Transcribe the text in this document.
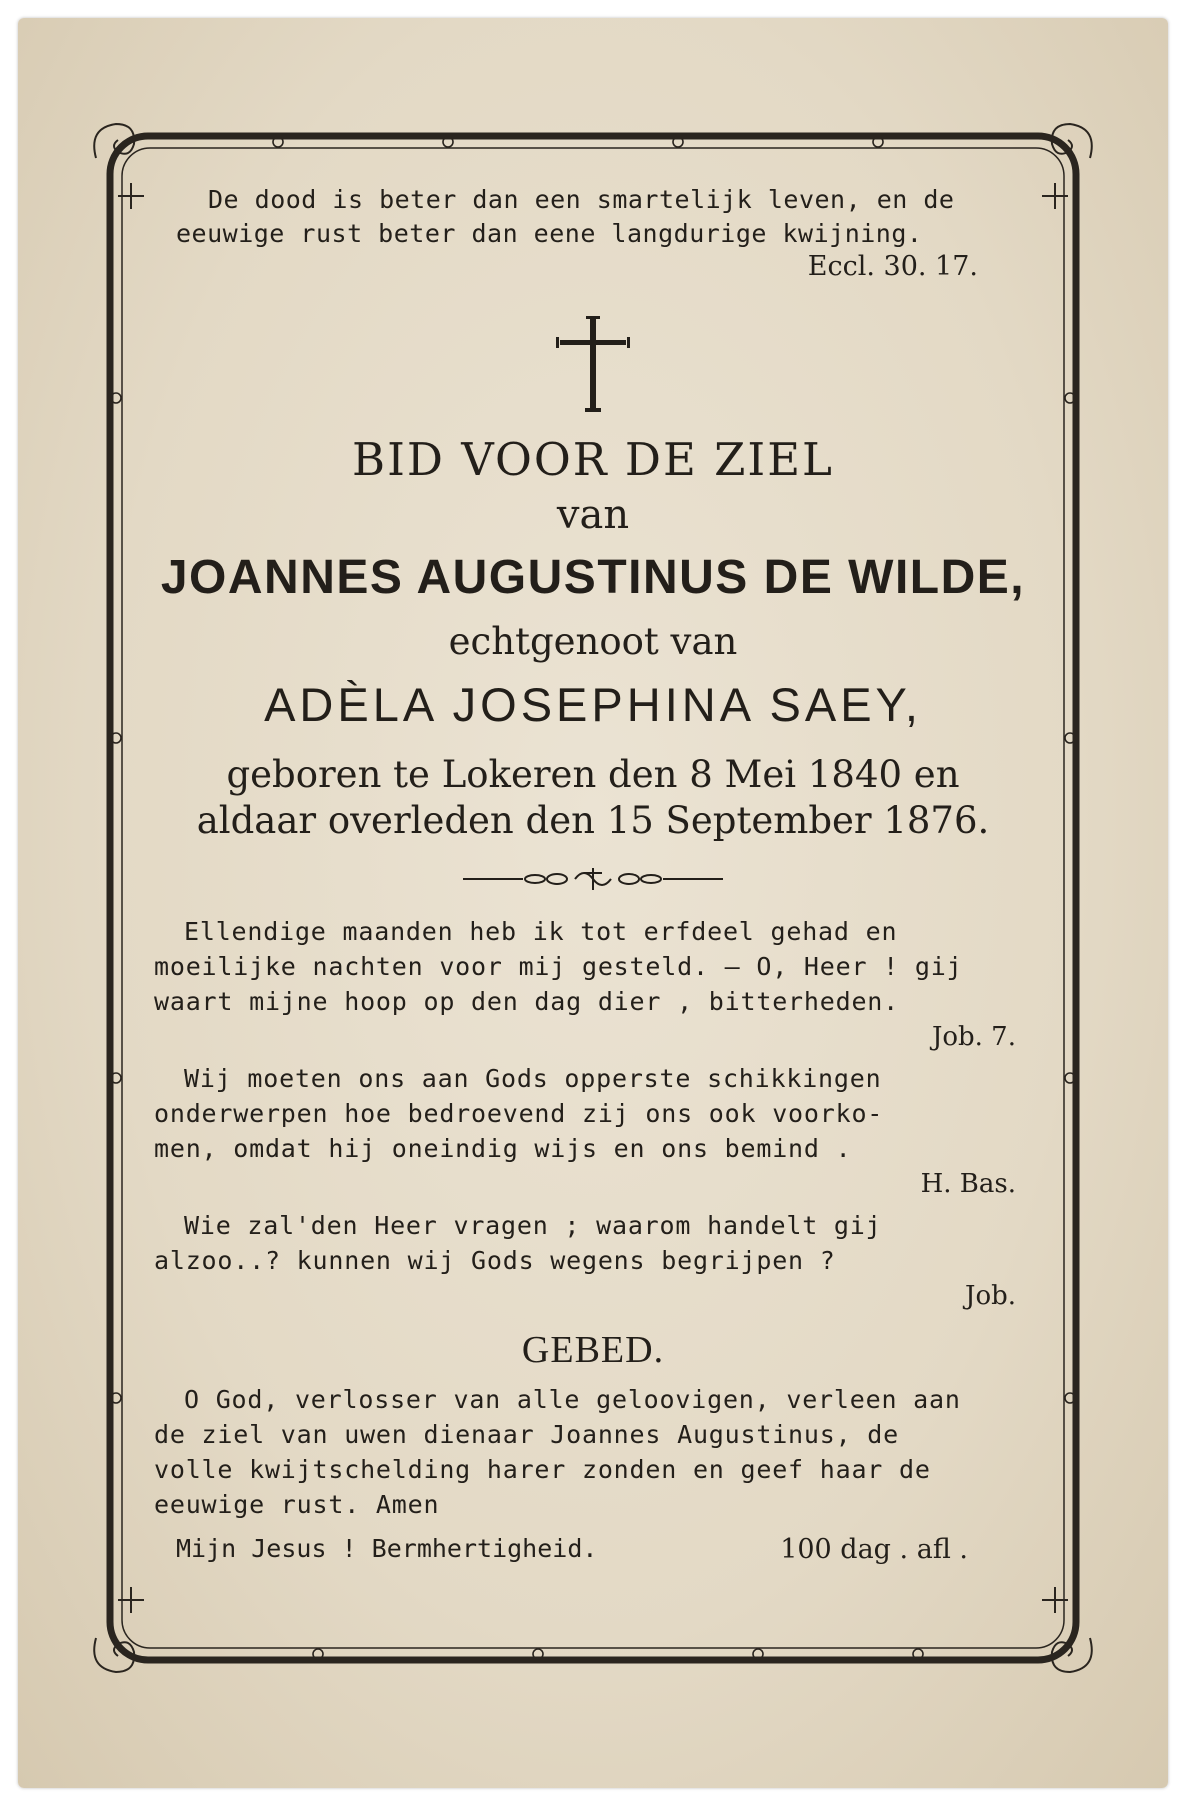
De dood is beter dan een smartelijk leven, en de

eeuwige rust beter dan eene langdurige kwijning.

Eccl. 30. 17.

BID VOOR DE ZIEL
van
JOANNES AUGUSTINUS DE WILDE,
echtgenoot van
ADÈLA JOSEPHINA SAEY,
geboren te Lokeren den 8 Mei 1840 en
aldaar overleden den 15 September 1876.
Ellendige maanden heb ik tot erfdeel gehad en
moeilijke nachten voor mij gesteld. — O, Heer ! gij
waart mijne hoop op den dag dier , bitterheden.

Job. 7.

Wij moeten ons aan Gods opperste schikkingen
onderwerpen hoe bedroevend zij ons ook voorko-
men, omdat hij oneindig wijs en ons bemind .

H. Bas.

Wie zal'den Heer vragen ; waarom handelt gij
alzoo..? kunnen wij Gods wegens begrijpen ?

Job.

GEBED.
O God, verlosser van alle geloovigen, verleen aan
de ziel van uwen dienaar Joannes Augustinus, de
volle kwijtschelding harer zonden en geef haar de
eeuwige rust. Amen
Mijn Jesus ! Bermhertigheid.	100 dag . afl .
